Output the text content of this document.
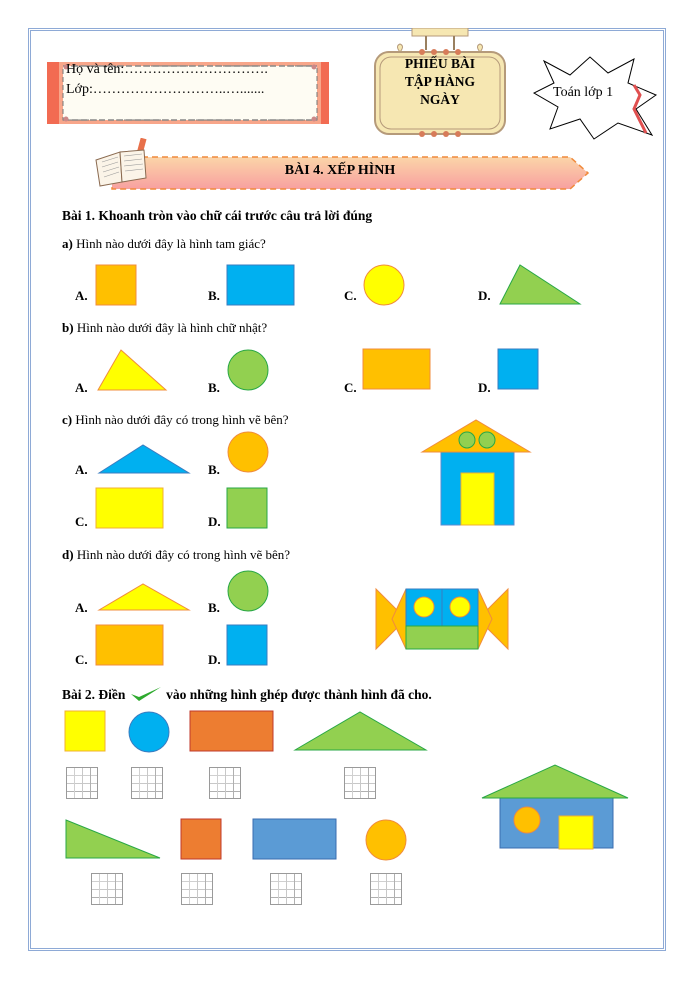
Họ và tên:………………………….
Lớp:………………………..….......
PHIẾU BÀI
TẬP HÀNG
NGÀY	Toán lớp 1
BÀI 4. XẾP HÌNH
Bài 1. Khoanh tròn vào chữ cái trước câu trả lời đúng
a) Hình nào dưới đây là hình tam giác?
A.	B.	C.	D.
b) Hình nào dưới đây là hình chữ nhật?
A.	B.	C.	D.
c) Hình nào dưới đây có trong hình vẽ bên?
A.	B.
C.	D.
d) Hình nào dưới đây có trong hình vẽ bên?
A.	B.
C.	D.
Bài 2. Điền	vào những hình ghép được thành hình đã cho.
